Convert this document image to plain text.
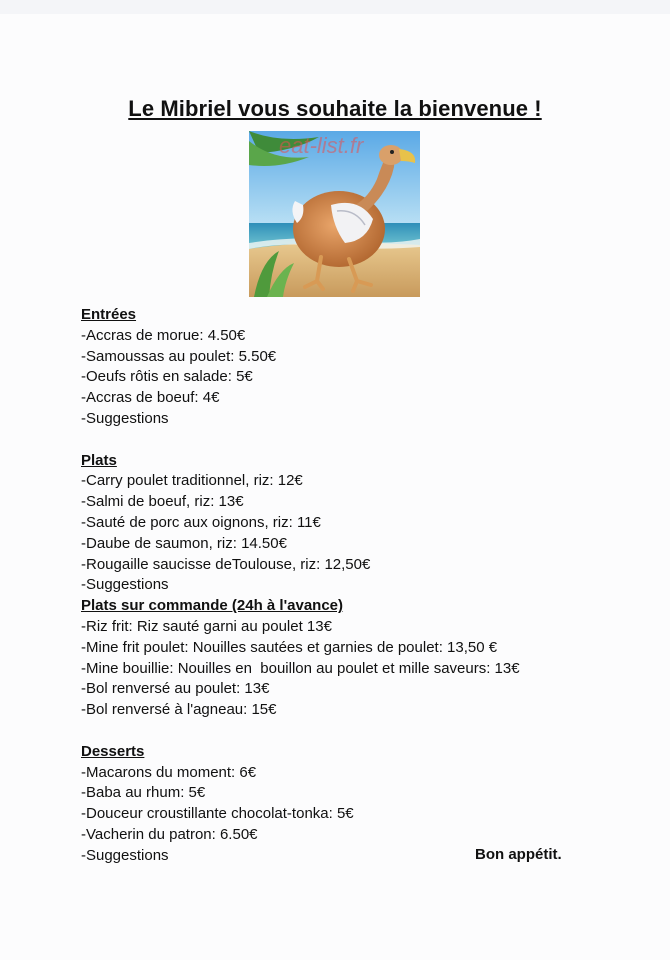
Le Mibriel vous souhaite la bienvenue !
eat-list.fr
Entrées
-Accras de morue: 4.50€
-Samoussas au poulet: 5.50€
-Oeufs rôtis en salade: 5€
-Accras de boeuf: 4€
-Suggestions
Plats
-Carry poulet traditionnel, riz: 12€
-Salmi de boeuf, riz: 13€
-Sauté de porc aux oignons, riz: 11€
-Daube de saumon, riz: 14.50€
-Rougaille saucisse deToulouse, riz: 12,50€
-Suggestions
Plats sur commande (24h à l'avance)
-Riz frit: Riz sauté garni au poulet 13€
-Mine frit poulet: Nouilles sautées et garnies de poulet: 13,50 €
-Mine bouillie: Nouilles en  bouillon au poulet et mille saveurs: 13€
-Bol renversé au poulet: 13€
-Bol renversé à l'agneau: 15€
Desserts
-Macarons du moment: 6€
-Baba au rhum: 5€
-Douceur croustillante chocolat-tonka: 5€
-Vacherin du patron: 6.50€
-Suggestions	Bon appétit.
